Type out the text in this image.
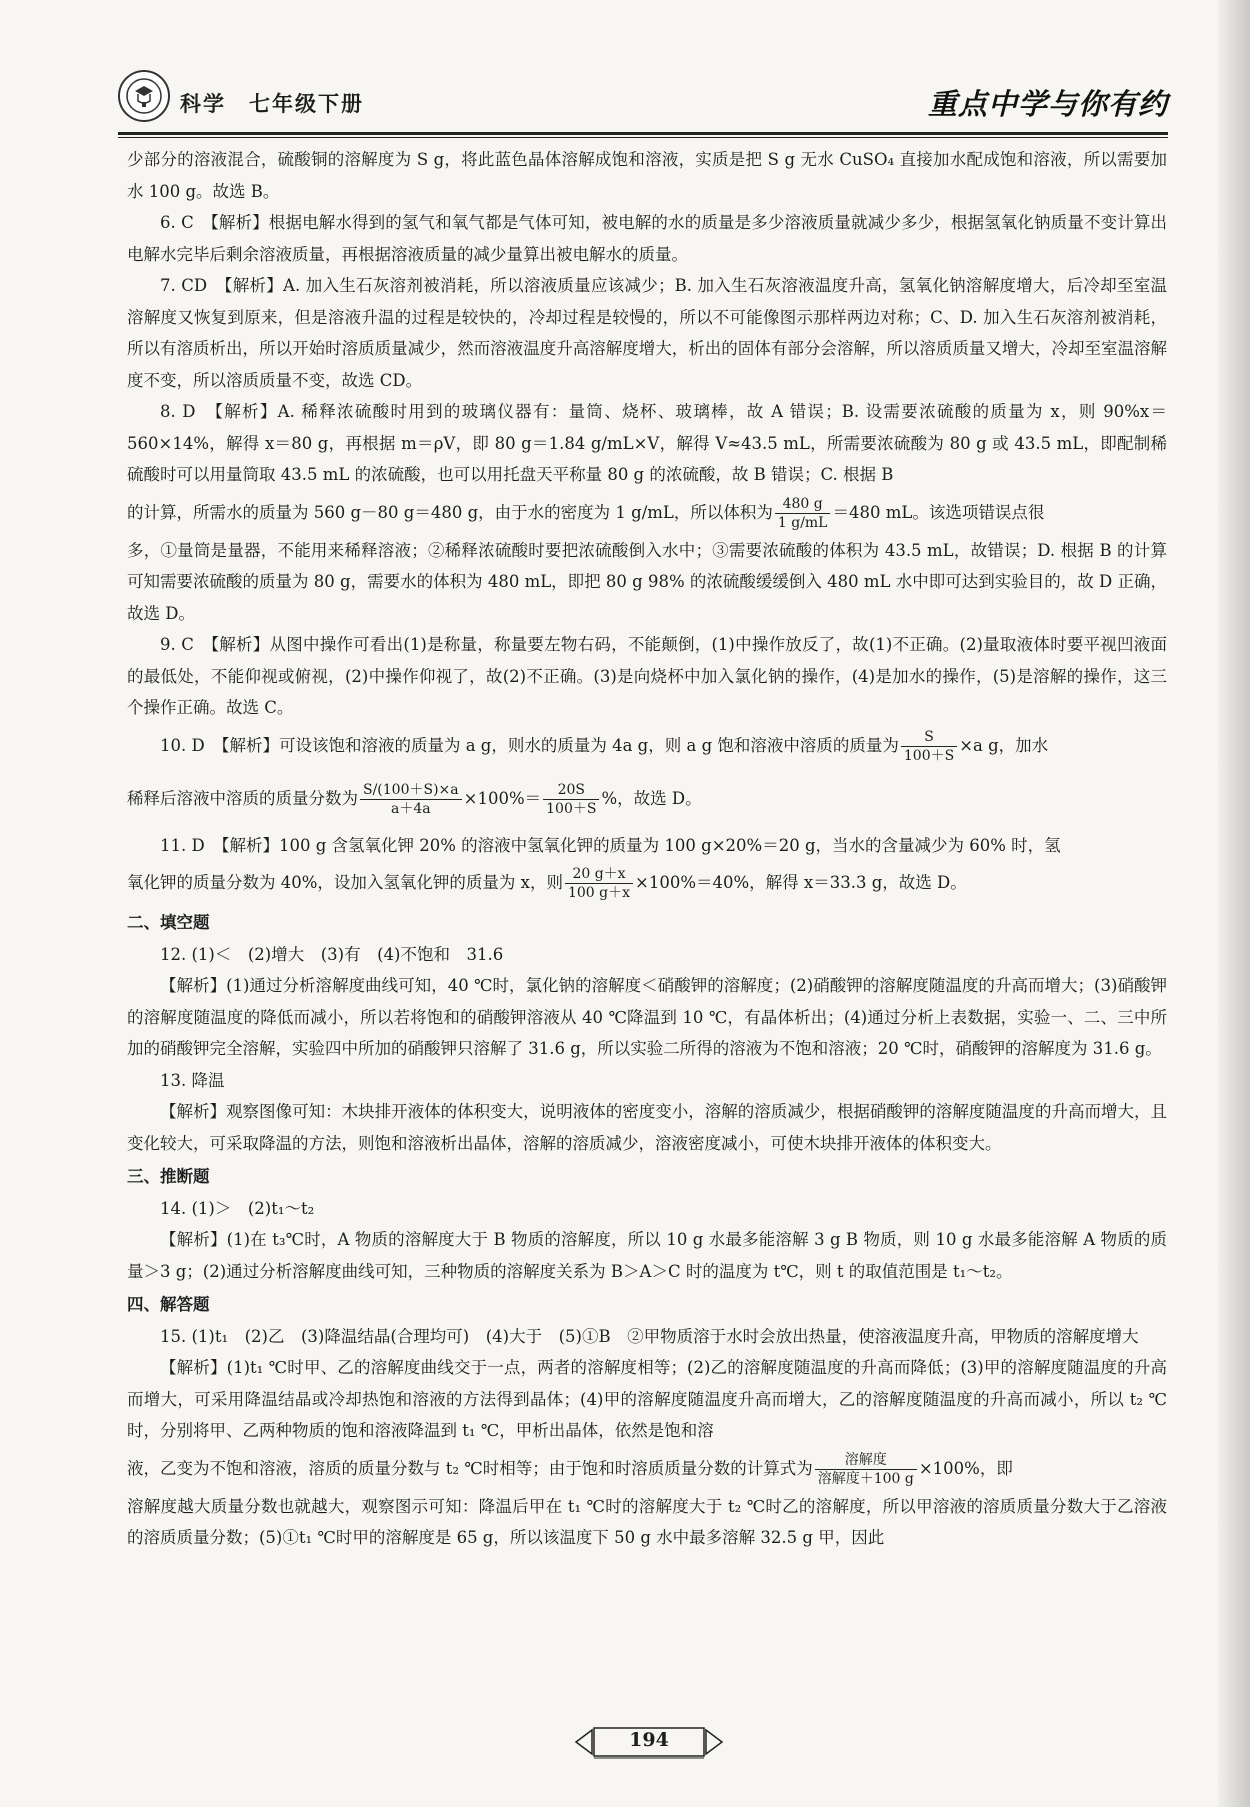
科学　七年级下册	重点中学与你有约

少部分的溶液混合，硫酸铜的溶解度为 S g，将此蓝色晶体溶解成饱和溶液，实质是把 S g 无水 CuSO₄ 直接加水配成饱和溶液，所以需要加水 100 g。故选 B。

6. C　【解析】根据电解水得到的氢气和氧气都是气体可知，被电解的水的质量是多少溶液质量就减少多少，根据氢氧化钠质量不变计算出电解水完毕后剩余溶液质量，再根据溶液质量的减少量算出被电解水的质量。

7. CD　【解析】A. 加入生石灰溶剂被消耗，所以溶液质量应该减少；B. 加入生石灰溶液温度升高，氢氧化钠溶解度增大，后冷却至室温溶解度又恢复到原来，但是溶液升温的过程是较快的，冷却过程是较慢的，所以不可能像图示那样两边对称；C、D. 加入生石灰溶剂被消耗，所以有溶质析出，所以开始时溶质质量减少，然而溶液温度升高溶解度增大，析出的固体有部分会溶解，所以溶质质量又增大，冷却至室温溶解度不变，所以溶质质量不变，故选 CD。

8. D　【解析】A. 稀释浓硫酸时用到的玻璃仪器有：量筒、烧杯、玻璃棒，故 A 错误；B. 设需要浓硫酸的质量为 x，则 90%x＝560×14%，解得 x＝80 g，再根据 m＝ρV，即 80 g＝1.84 g/mL×V，解得 V≈43.5 mL，所需要浓硫酸为 80 g 或 43.5 mL，即配制稀硫酸时可以用量筒取 43.5 mL 的浓硫酸，也可以用托盘天平称量 80 g 的浓硫酸，故 B 错误；C. 根据 B

的计算，所需水的质量为 560 g－80 g＝480 g，由于水的密度为 1 g/mL，所以体积为 $\frac{480 g}{1 g/mL} =480$ mL。该选项错误点很

多，①量筒是量器，不能用来稀释溶液；②稀释浓硫酸时要把浓硫酸倒入水中；③需要浓硫酸的体积为 43.5 mL，故错误；D. 根据 B 的计算可知需要浓硫酸的质量为 80 g，需要水的体积为 480 mL，即把 80 g 98% 的浓硫酸缓缓倒入 480 mL 水中即可达到实验目的，故 D 正确，故选 D。

9. C　【解析】从图中操作可看出(1)是称量，称量要左物右码，不能颠倒，(1)中操作放反了，故(1)不正确。(2)量取液体时要平视凹液面的最低处，不能仰视或俯视，(2)中操作仰视了，故(2)不正确。(3)是向烧杯中加入氯化钠的操作，(4)是加水的操作，(5)是溶解的操作，这三个操作正确。故选 C。

10. D　【解析】可设该饱和溶液的质量为 a g，则水的质量为 4a g，则 a g 饱和溶液中溶质的质量为 $\frac{S}{100+S} \times a$ g，加水

稀释后溶液中溶质的质量分数为 $\frac{S/(100+S)\times a}{a+4a} \times 100\%= \frac{20S}{100+S}$ %，故选 D。

11. D　【解析】100 g 含氢氧化钾 20% 的溶液中氢氧化钾的质量为 100 g×20%＝20 g，当水的含量减少为 60% 时，氢

氧化钾的质量分数为 40%，设加入氢氧化钾的质量为 x，则 $\frac{20 g+x}{100 g+x} \times 100\%=40\%$，解得 x＝33.3 g，故选 D。

二、填空题

12. (1)＜　(2)增大　(3)有　(4)不饱和　31.6

【解析】(1)通过分析溶解度曲线可知，40 ℃时，氯化钠的溶解度＜硝酸钾的溶解度；(2)硝酸钾的溶解度随温度的升高而增大；(3)硝酸钾的溶解度随温度的降低而减小，所以若将饱和的硝酸钾溶液从 40 ℃降温到 10 ℃，有晶体析出；(4)通过分析上表数据，实验一、二、三中所加的硝酸钾完全溶解，实验四中所加的硝酸钾只溶解了 31.6 g，所以实验二所得的溶液为不饱和溶液；20 ℃时，硝酸钾的溶解度为 31.6 g。

13. 降温

【解析】观察图像可知：木块排开液体的体积变大，说明液体的密度变小，溶解的溶质减少，根据硝酸钾的溶解度随温度的升高而增大，且变化较大，可采取降温的方法，则饱和溶液析出晶体，溶解的溶质减少，溶液密度减小，可使木块排开液体的体积变大。

三、推断题

14. (1)＞　(2)t₁～t₂

【解析】(1)在 t₃℃时，A 物质的溶解度大于 B 物质的溶解度，所以 10 g 水最多能溶解 3 g B 物质，则 10 g 水最多能溶解 A 物质的质量＞3 g；(2)通过分析溶解度曲线可知，三种物质的溶解度关系为 B＞A＞C 时的温度为 t℃，则 t 的取值范围是 t₁～t₂。

四、解答题

15. (1)t₁　(2)乙　(3)降温结晶(合理均可)　(4)大于　(5)①B　②甲物质溶于水时会放出热量，使溶液温度升高，甲物质的溶解度增大

【解析】(1)t₁ ℃时甲、乙的溶解度曲线交于一点，两者的溶解度相等；(2)乙的溶解度随温度的升高而降低；(3)甲的溶解度随温度的升高而增大，可采用降温结晶或冷却热饱和溶液的方法得到晶体；(4)甲的溶解度随温度升高而增大，乙的溶解度随温度的升高而减小，所以 t₂ ℃时，分别将甲、乙两种物质的饱和溶液降温到 t₁ ℃，甲析出晶体，依然是饱和溶

液，乙变为不饱和溶液，溶质的质量分数与 t₂ ℃时相等；由于饱和时溶质质量分数的计算式为 $\frac{\text{溶解度}}{\text{溶解度＋100 g}} \times 100\%$，即

溶解度越大质量分数也就越大，观察图示可知：降温后甲在 t₁ ℃时的溶解度大于 t₂ ℃时乙的溶解度，所以甲溶液的溶质质量分数大于乙溶液的溶质质量分数；(5)①t₁ ℃时甲的溶解度是 65 g，所以该温度下 50 g 水中最多溶解 32.5 g 甲，因此

194
